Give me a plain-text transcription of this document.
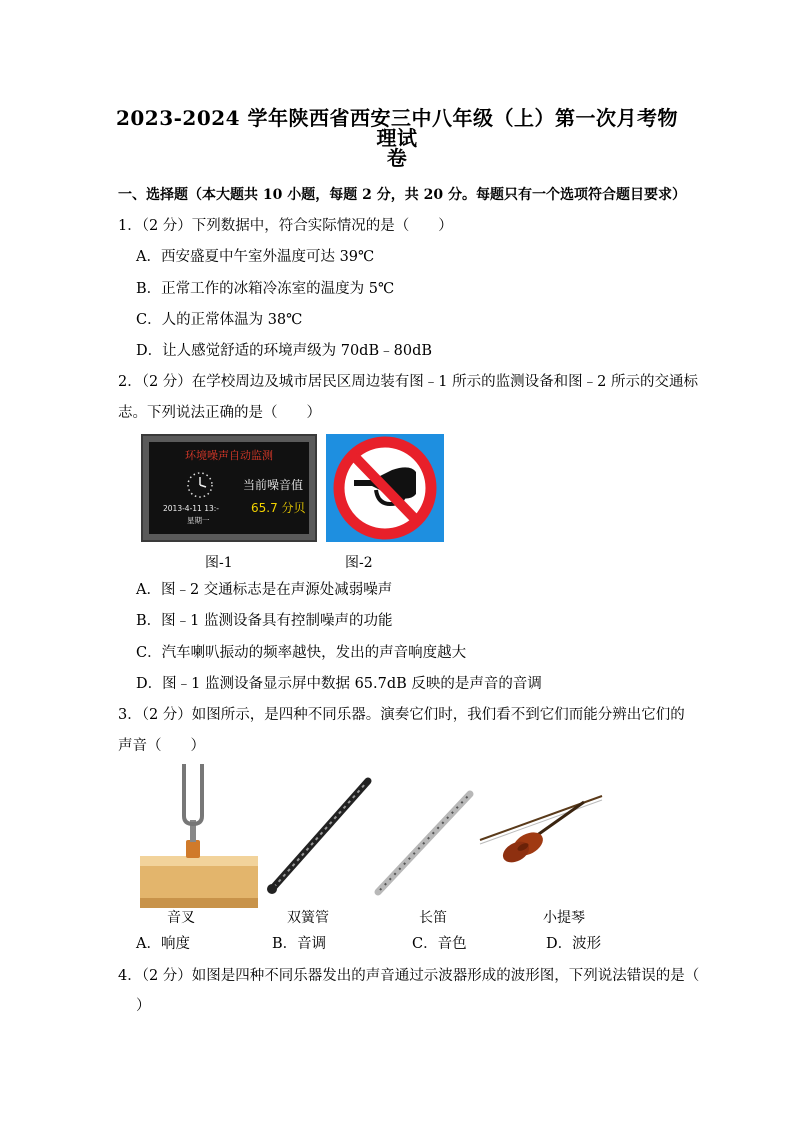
2023-2024 学年陕西省西安三中八年级（上）第一次月考物理试
卷
一、选择题（本大题共 10 小题，每题 2 分，共 20 分。每题只有一个选项符合题目要求）
1．（2 分）下列数据中，符合实际情况的是（　　）
A．西安盛夏中午室外温度可达 39℃
B．正常工作的冰箱冷冻室的温度为 5℃
C．人的正常体温为 38℃
D．让人感觉舒适的环境声级为 70dB﹣80dB
2．（2 分）在学校周边及城市居民区周边装有图﹣1 所示的监测设备和图﹣2 所示的交通标
志。下列说法正确的是（　　）
环境噪声自动监测
当前噪音值
65.7 分贝
2013-4-11 13:-
星期一
图-1	图-2
A．图﹣2 交通标志是在声源处减弱噪声
B．图﹣1 监测设备具有控制噪声的功能
C．汽车喇叭振动的频率越快，发出的声音响度越大
D．图﹣1 监测设备显示屏中数据 65.7dB 反映的是声音的音调
3．（2 分）如图所示，是四种不同乐器。演奏它们时，我们看不到它们而能分辨出它们的
声音（　　）
音叉	双簧管	长笛	小提琴
A．响度	B．音调	C．音色	D．波形
4．（2 分）如图是四种不同乐器发出的声音通过示波器形成的波形图，下列说法错误的是（
）
